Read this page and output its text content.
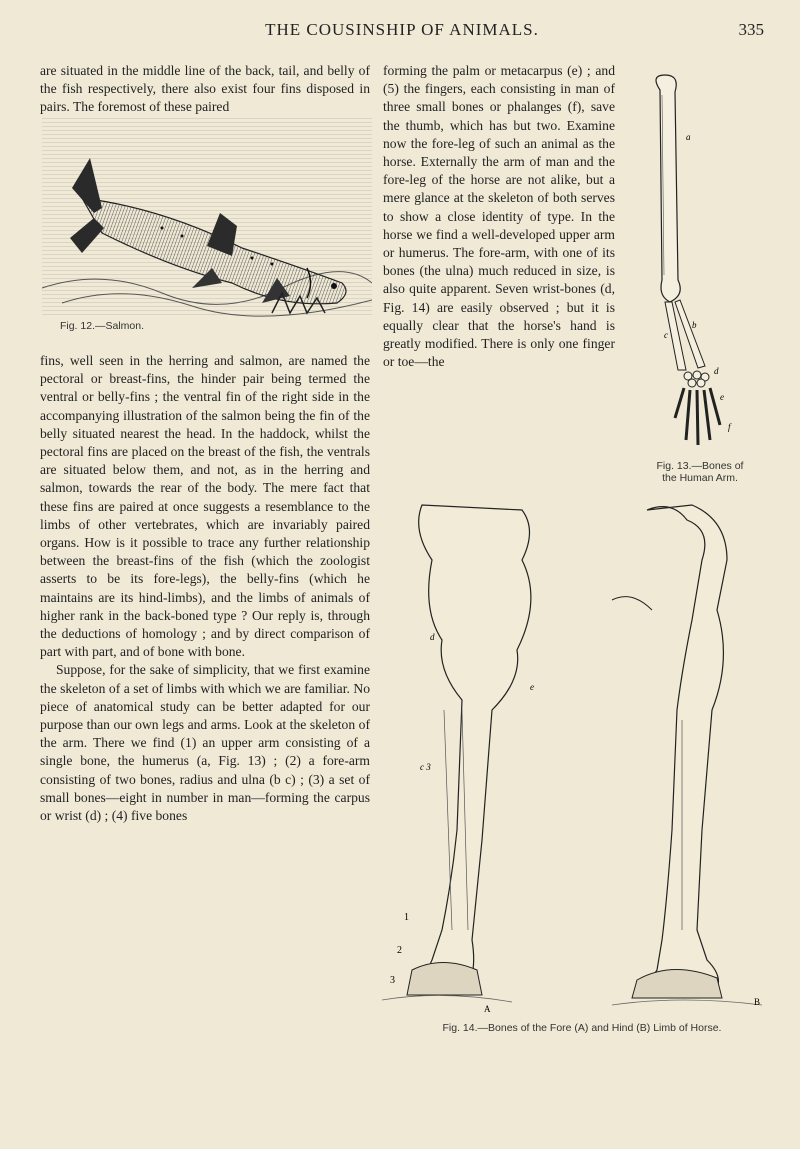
THE COUSINSHIP OF ANIMALS.	335

are situated in the middle line of the back, tail, and belly of the fish respectively, there also exist four fins disposed in pairs. The foremost of these paired

Fig. 12.—Salmon.

fins, well seen in the herring and salmon, are named the pectoral or breast-fins, the hinder pair being termed the ventral or belly-fins ; the ventral fin of the right side in the accompanying illustration of the salmon being the fin of the belly situated nearest the head. In the haddock, whilst the pectoral fins are placed on the breast of the fish, the ventrals are situated below them, and not, as in the herring and salmon, towards the rear of the body. The mere fact that these fins are paired at once suggests a resemblance to the limbs of other vertebrates, which are invariably paired organs. How is it possible to trace any further relationship between the breast-fins of the fish (which the zoologist asserts to be its fore-legs), the belly-fins (which he maintains are its hind-limbs), and the limbs of animals of higher rank in the back-boned type ? Our reply is, through the deductions of homology ; and by direct comparison of part with part, and of bone with bone.

Suppose, for the sake of simplicity, that we first examine the skeleton of a set of limbs with which we are familiar. No piece of anatomical study can be better adapted for our purpose than our own legs and arms. Look at the skeleton of the arm. There we find (1) an upper arm consisting of a single bone, the humerus (a, Fig. 13) ; (2) a fore-arm consisting of two bones, radius and ulna (b c) ; (3) a set of small bones—eight in number in man—forming the carpus or wrist (d) ; (4) five bones

forming the palm or metacarpus (e) ; and (5) the fingers, each consisting in man of three small bones or phalanges (f), save the thumb, which has but two. Examine now the fore-leg of such an animal as the horse. Externally the arm of man and the fore-leg of the horse are not alike, but a mere glance at the skeleton of both serves to show a close identity of type. In the horse we find a well-developed upper arm or humerus. The fore-arm, with one of its bones (the ulna) much reduced in size, is also quite apparent. Seven wrist-bones (d, Fig. 14) are easily observed ; but it is equally clear that the horse's hand is greatly modified. There is only one finger or toe—the

a
b
c
d
e
f
Fig. 13.—Bones of
the Human Arm.
d
e
c 3
1
2
3
A
B
Fig. 14.—Bones of the Fore (A) and Hind (B) Limb of Horse.
